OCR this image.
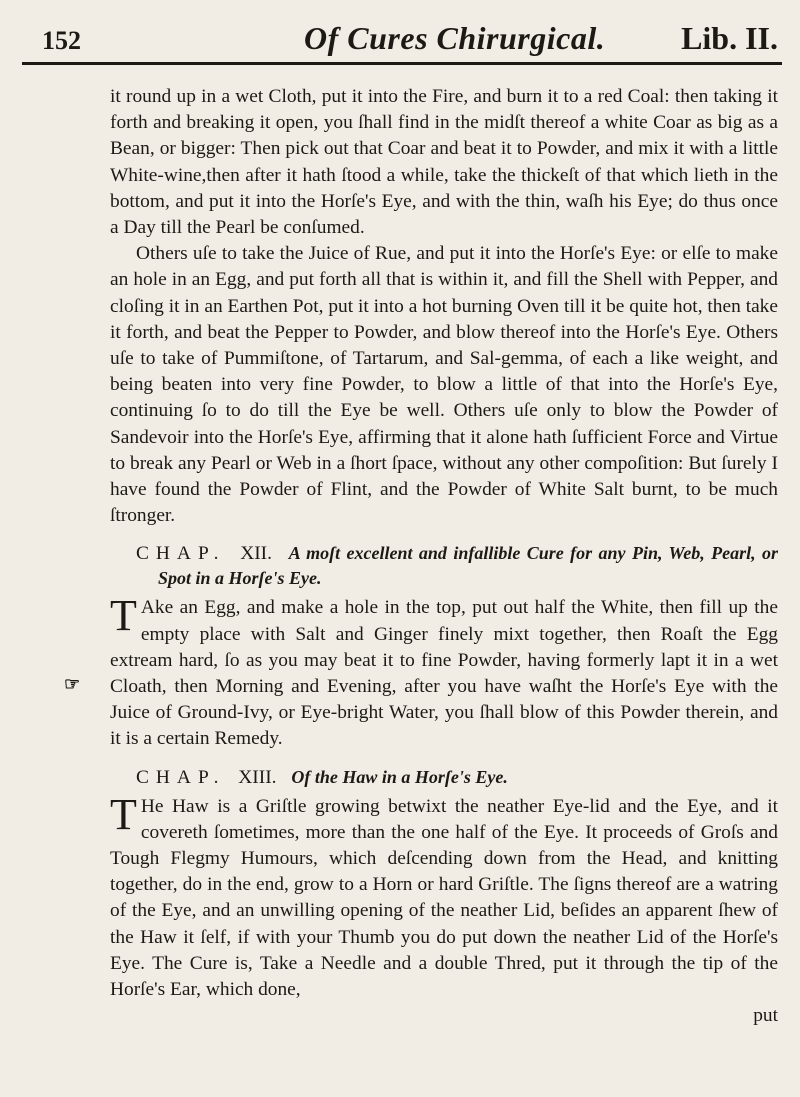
152	Of Cures Chirurgical. Lib. II.
☞

it round up in a wet Cloth, put it into the Fire, and burn it to a red Coal: then taking it forth and breaking it open, you ſhall find in the midſt thereof a white Coar as big as a Bean, or bigger: Then pick out that Coar and beat it to Powder, and mix it with a little White-wine,then after it hath ſtood a while, take the thickeſt of that which lieth in the bottom, and put it into the Horſe's Eye, and with the thin, waſh his Eye; do thus once a Day till the Pearl be conſumed.

Others uſe to take the Juice of Rue, and put it into the Horſe's Eye: or elſe to make an hole in an Egg, and put forth all that is within it, and fill the Shell with Pepper, and cloſing it in an Earthen Pot, put it into a hot burning Oven till it be quite hot, then take it forth, and beat the Pepper to Powder, and blow thereof into the Horſe's Eye. Others uſe to take of Pummiſtone, of Tartarum, and Sal-gemma, of each a like weight, and being beaten into very fine Powder, to blow a little of that into the Horſe's Eye, continuing ſo to do till the Eye be well. Others uſe only to blow the Powder of Sandevoir into the Horſe's Eye, affirming that it alone hath ſufficient Force and Virtue to break any Pearl or Web in a ſhort ſpace, without any other compoſition: But ſurely I have found the Powder of Flint, and the Powder of White Salt burnt, to be much ſtronger.

CHAP. XII. A moſt excellent and infallible Cure for any Pin, Web, Pearl, or Spot in a Horſe's Eye.

T Ake an Egg, and make a hole in the top, put out half the White, then fill up the empty place with Salt and Ginger finely mixt together, then Roaſt the Egg extream hard, ſo as you may beat it to fine Powder, having formerly lapt it in a wet Cloath, then Morning and Evening, after you have waſht the Horſe's Eye with the Juice of Ground-Ivy, or Eye-bright Water, you ſhall blow of this Powder therein, and it is a certain Remedy.

CHAP. XIII. Of the Haw in a Horſe's Eye.

T He Haw is a Griſtle growing betwixt the neather Eye-lid and the Eye, and it covereth ſometimes, more than the one half of the Eye. It proceeds of Groſs and Tough Flegmy Humours, which deſcending down from the Head, and knitting together, do in the end, grow to a Horn or hard Griſtle. The ſigns thereof are a watring of the Eye, and an unwilling opening of the neather Lid, beſides an apparent ſhew of the Haw it ſelf, if with your Thumb you do put down the neather Lid of the Horſe's Eye. The Cure is, Take a Needle and a double Thred, put it through the tip of the Horſe's Ear, which done,

put
